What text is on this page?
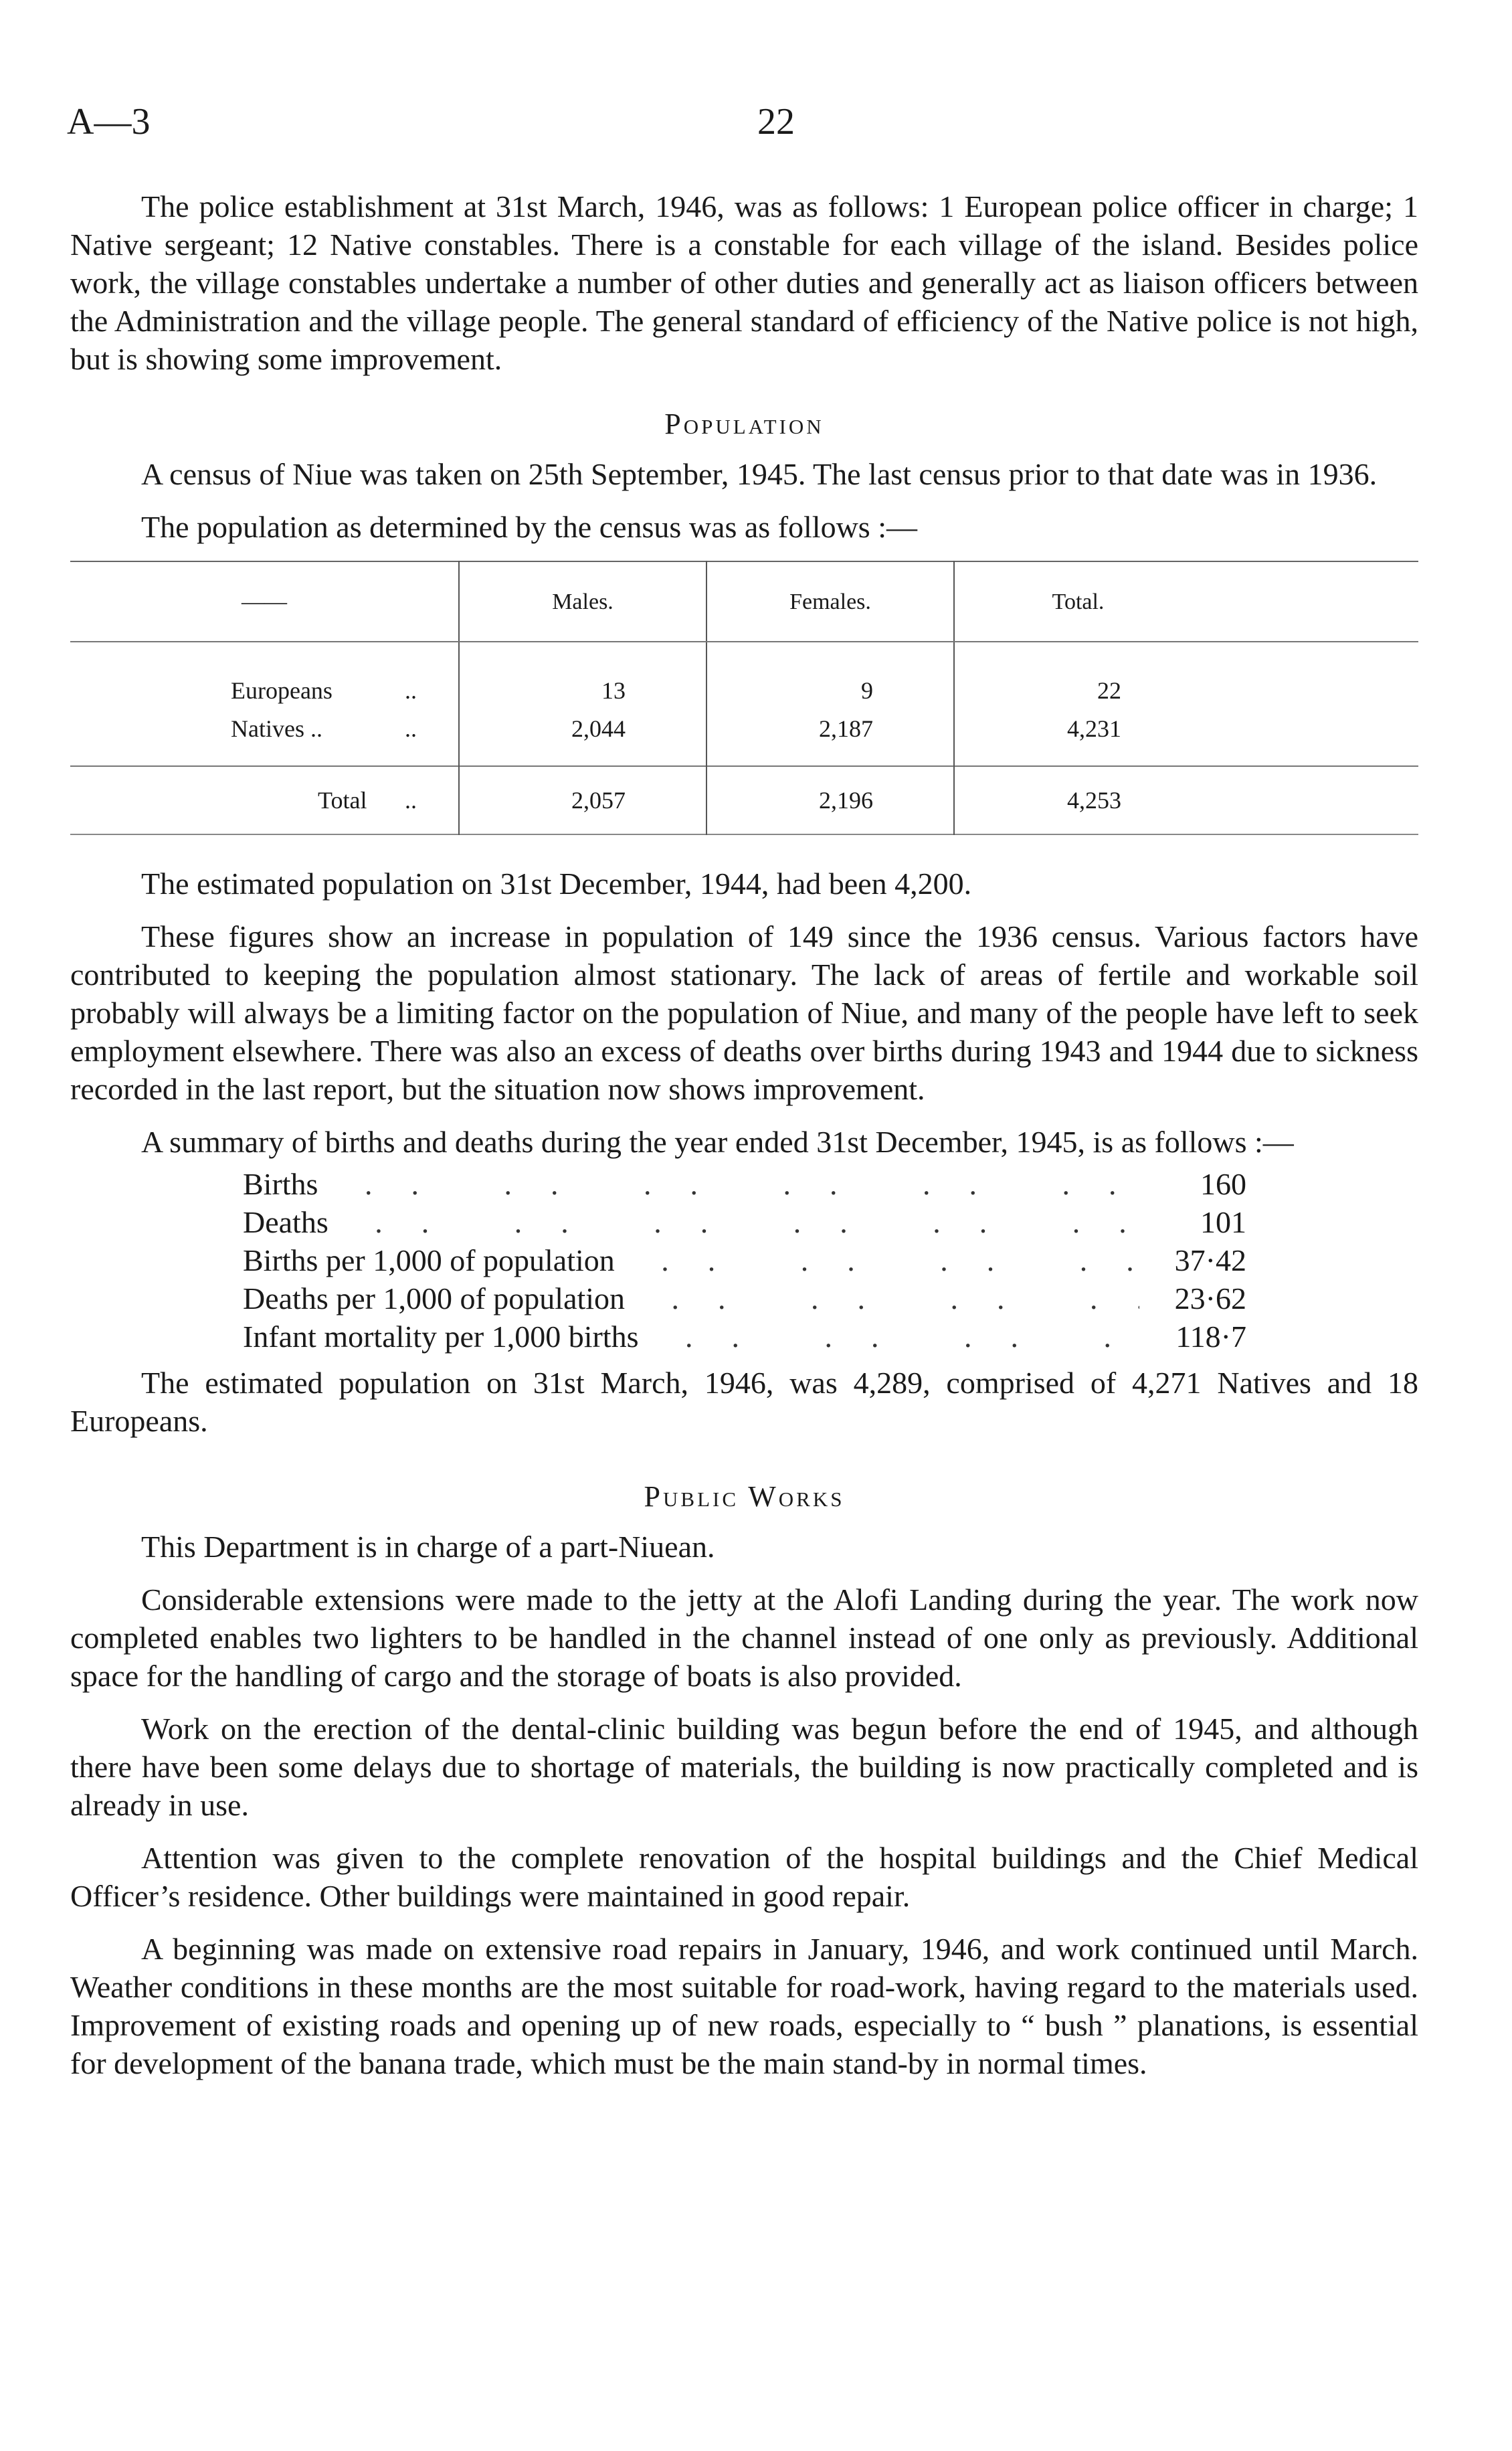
A—3	22

The police establishment at 31st March, 1946, was as follows: 1 European police officer in charge; 1 Native sergeant; 12 Native constables. There is a constable for each village of the island. Besides police work, the village constables undertake a number of other duties and generally act as liaison officers between the Administration and the village people. The general standard of efficiency of the Native police is not high, but is showing some improvement.

Population

A census of Niue was taken on 25th September, 1945. The last census prior to that date was in 1936.

The population as determined by the census was as follows :—

——		Males.	Females.	Total.	
Europeans	..	13	9	22	
Natives ..	..	2,044	2,187	4,231	
Total	..	2,057	2,196	4,253	

The estimated population on 31st December, 1944, had been 4,200.

These figures show an increase in population of 149 since the 1936 census. Various factors have contributed to keeping the population almost stationary. The lack of areas of fertile and workable soil probably will always be a limiting factor on the population of Niue, and many of the people have left to seek employment elsewhere. There was also an excess of deaths over births during 1943 and 1944 due to sickness recorded in the last report, but the situation now shows improvement.

A summary of births and deaths during the year ended 31st December, 1945, is as follows :—

Births .. ..	160
Deaths .. ..	101
Births per 1,000 of population .. ..	37·42
Deaths per 1,000 of population .. ..	23·62
Infant mortality per 1,000 births .. ..	118·7

The estimated population on 31st March, 1946, was 4,289, comprised of 4,271 Natives and 18 Europeans.

Public Works

This Department is in charge of a part-Niuean.

Considerable extensions were made to the jetty at the Alofi Landing during the year. The work now completed enables two lighters to be handled in the channel instead of one only as previously. Additional space for the handling of cargo and the storage of boats is also provided.

Work on the erection of the dental-clinic building was begun before the end of 1945, and although there have been some delays due to shortage of materials, the building is now practically completed and is already in use.

Attention was given to the complete renovation of the hospital buildings and the Chief Medical Officer’s residence. Other buildings were maintained in good repair.

A beginning was made on extensive road repairs in January, 1946, and work continued until March. Weather conditions in these months are the most suitable for road-work, having regard to the materials used. Improvement of existing roads and opening up of new roads, especially to “ bush ” planations, is essential for development of the banana trade, which must be the main stand-by in normal times.
